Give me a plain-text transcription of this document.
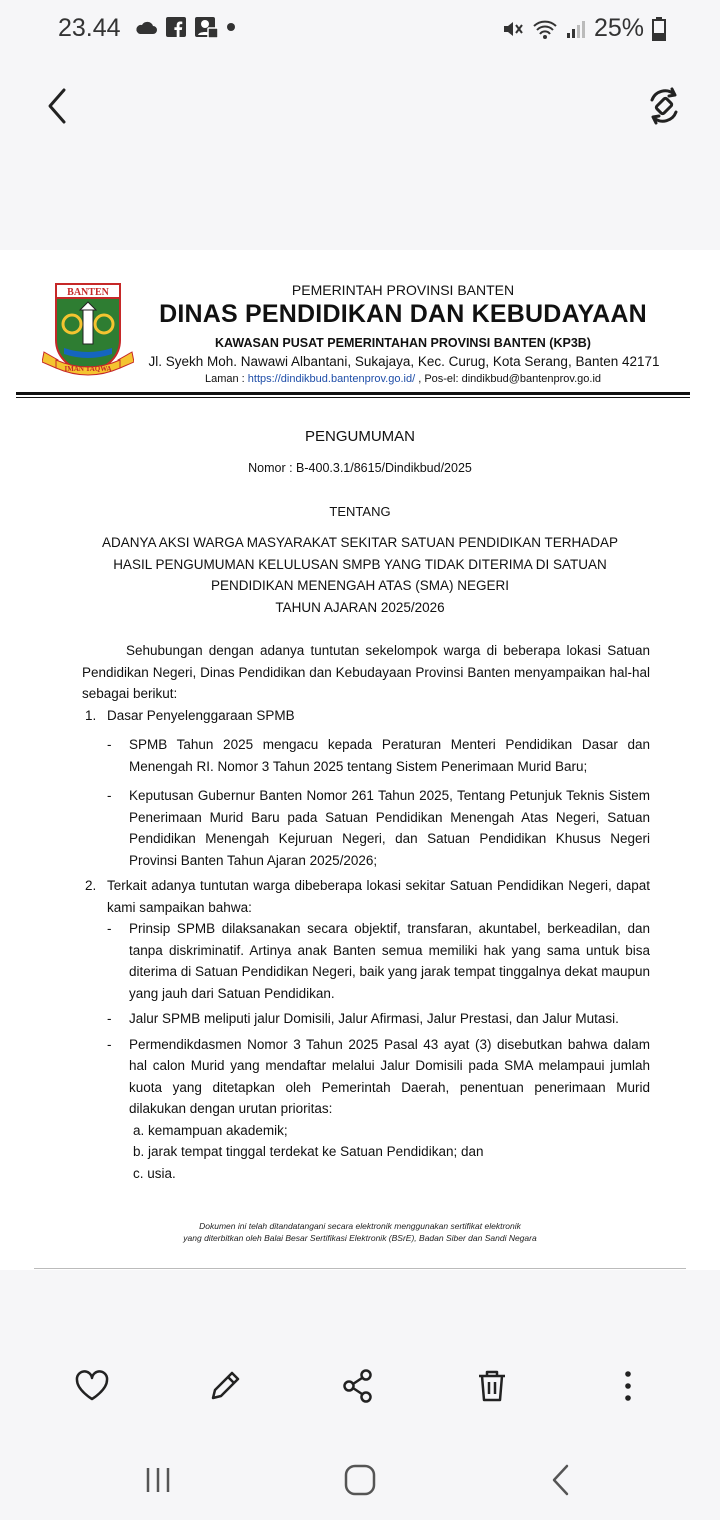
23.44	25%
BANTEN
IMAN TAQWA
PEMERINTAH PROVINSI BANTEN
DINAS PENDIDIKAN DAN KEBUDAYAAN
KAWASAN PUSAT PEMERINTAHAN PROVINSI BANTEN (KP3B)
Jl. Syekh Moh. Nawawi Albantani, Sukajaya, Kec. Curug, Kota Serang, Banten 42171
Laman : https://dindikbud.bantenprov.go.id/ , Pos-el: dindikbud@bantenprov.go.id
PENGUMUMAN
Nomor : B-400.3.1/8615/Dindikbud/2025
TENTANG
ADANYA AKSI WARGA MASYARAKAT SEKITAR SATUAN PENDIDIKAN TERHADAP
HASIL PENGUMUMAN KELULUSAN SMPB YANG TIDAK DITERIMA DI SATUAN
PENDIDIKAN MENENGAH ATAS (SMA) NEGERI
TAHUN AJARAN 2025/2026

Sehubungan dengan adanya tuntutan sekelompok warga di beberapa lokasi Satuan Pendidikan Negeri, Dinas Pendidikan dan Kebudayaan Provinsi Banten menyampaikan hal-hal sebagai berikut:

1. Dasar Penyelenggaraan SPMB

- SPMB Tahun 2025 mengacu kepada Peraturan Menteri Pendidikan Dasar dan Menengah RI. Nomor 3 Tahun 2025 tentang Sistem Penerimaan Murid Baru;

- Keputusan Gubernur Banten Nomor 261 Tahun 2025, Tentang Petunjuk Teknis Sistem Penerimaan Murid Baru pada Satuan Pendidikan Menengah Atas Negeri, Satuan Pendidikan Menengah Kejuruan Negeri, dan Satuan Pendidikan Khusus Negeri Provinsi Banten Tahun Ajaran 2025/2026;

2. Terkait adanya tuntutan warga dibeberapa lokasi sekitar Satuan Pendidikan Negeri, dapat kami sampaikan bahwa:

- Prinsip SPMB dilaksanakan secara objektif, transfaran, akuntabel, berkeadilan, dan tanpa diskriminatif. Artinya anak Banten semua memiliki hak yang sama untuk bisa diterima di Satuan Pendidikan Negeri, baik yang jarak tempat tinggalnya dekat maupun yang jauh dari Satuan Pendidikan.

- Jalur SPMB meliputi jalur Domisili, Jalur Afirmasi, Jalur Prestasi, dan Jalur Mutasi.

- Permendikdasmen Nomor 3 Tahun 2025 Pasal 43 ayat (3) disebutkan bahwa dalam hal calon Murid yang mendaftar melalui Jalur Domisili pada SMA melampaui jumlah kuota yang ditetapkan oleh Pemerintah Daerah, penentuan penerimaan Murid dilakukan dengan urutan prioritas:

a. kemampuan akademik;

b. jarak tempat tinggal terdekat ke Satuan Pendidikan; dan

c. usia.

Dokumen ini telah ditandatangani secara elektronik menggunakan sertifikat elektronik
yang diterbitkan oleh Balai Besar Sertifikasi Elektronik (BSrE), Badan Siber dan Sandi Negara
